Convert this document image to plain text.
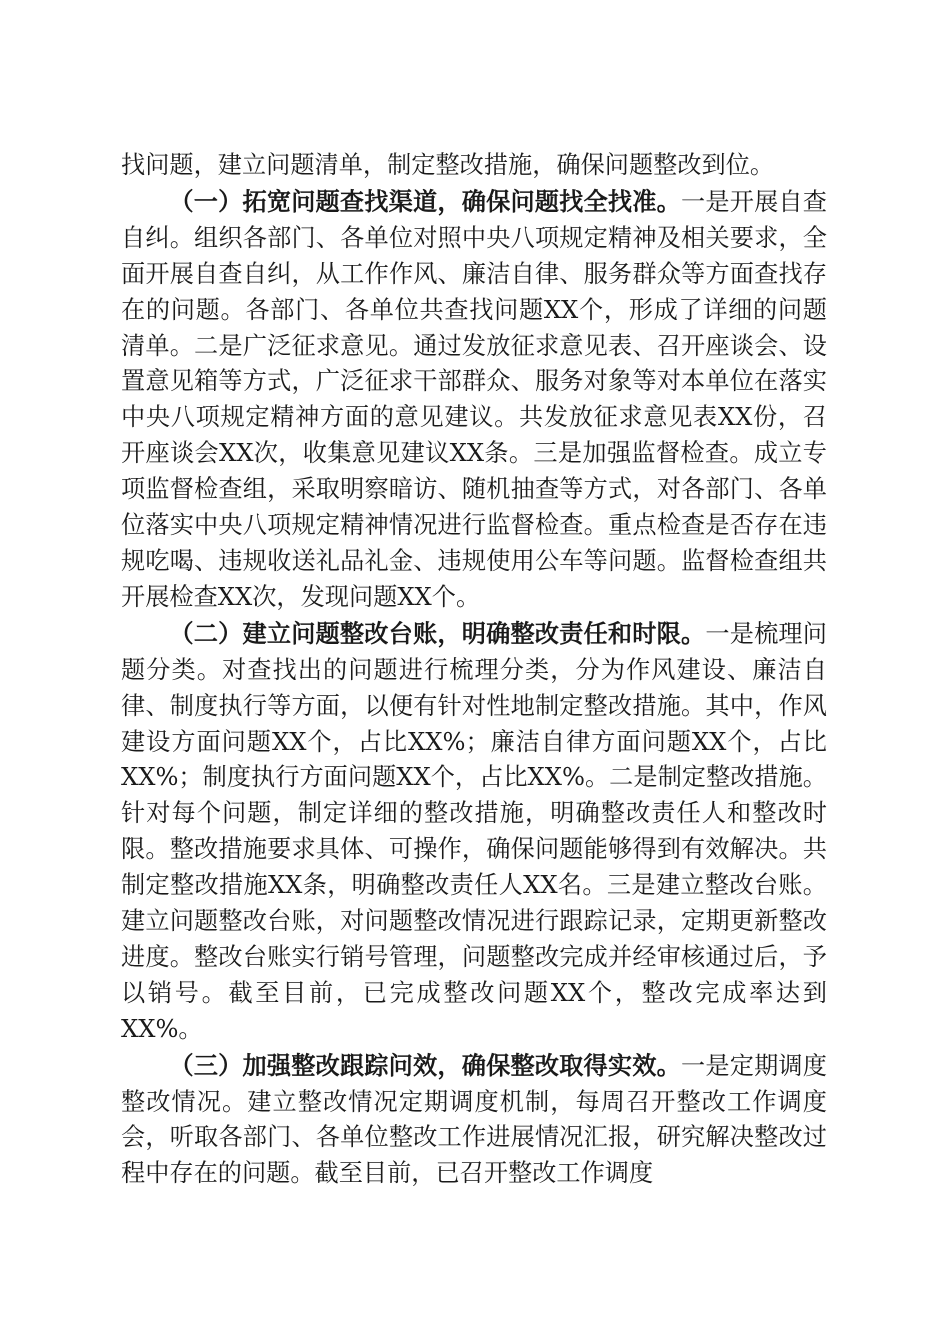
找问题，建立问题清单，制定整改措施，确保问题整改到位。

（一）拓宽问题查找渠道，确保问题找全找准。一是开展自查自纠。组织各部门、各单位对照中央八项规定精神及相关要求，全面开展自查自纠，从工作作风、廉洁自律、服务群众等方面查找存在的问题。各部门、各单位共查找问题XX个，形成了详细的问题清单。二是广泛征求意见。通过发放征求意见表、召开座谈会、设置意见箱等方式，广泛征求干部群众、服务对象等对本单位在落实中央八项规定精神方面的意见建议。共发放征求意见表XX份，召开座谈会XX次，收集意见建议XX条。三是加强监督检查。成立专项监督检查组，采取明察暗访、随机抽查等方式，对各部门、各单位落实中央八项规定精神情况进行监督检查。重点检查是否存在违规吃喝、违规收送礼品礼金、违规使用公车等问题。监督检查组共开展检查XX次，发现问题XX个。

（二）建立问题整改台账，明确整改责任和时限。一是梳理问题分类。对查找出的问题进行梳理分类，分为作风建设、廉洁自律、制度执行等方面，以便有针对性地制定整改措施。其中，作风建设方面问题XX个，占比XX%；廉洁自律方面问题XX个，占比XX%；制度执行方面问题XX个，占比XX%。二是制定整改措施。针对每个问题，制定详细的整改措施，明确整改责任人和整改时限。整改措施要求具体、可操作，确保问题能够得到有效解决。共制定整改措施XX条，明确整改责任人XX名。三是建立整改台账。建立问题整改台账，对问题整改情况进行跟踪记录，定期更新整改进度。整改台账实行销号管理，问题整改完成并经审核通过后，予以销号。截至目前，已完成整改问题XX个，整改完成率达到XX%。

（三）加强整改跟踪问效，确保整改取得实效。一是定期调度整改情况。建立整改情况定期调度机制，每周召开整改工作调度会，听取各部门、各单位整改工作进展情况汇报，研究解决整改过程中存在的问题。截至目前，已召开整改工作调度
